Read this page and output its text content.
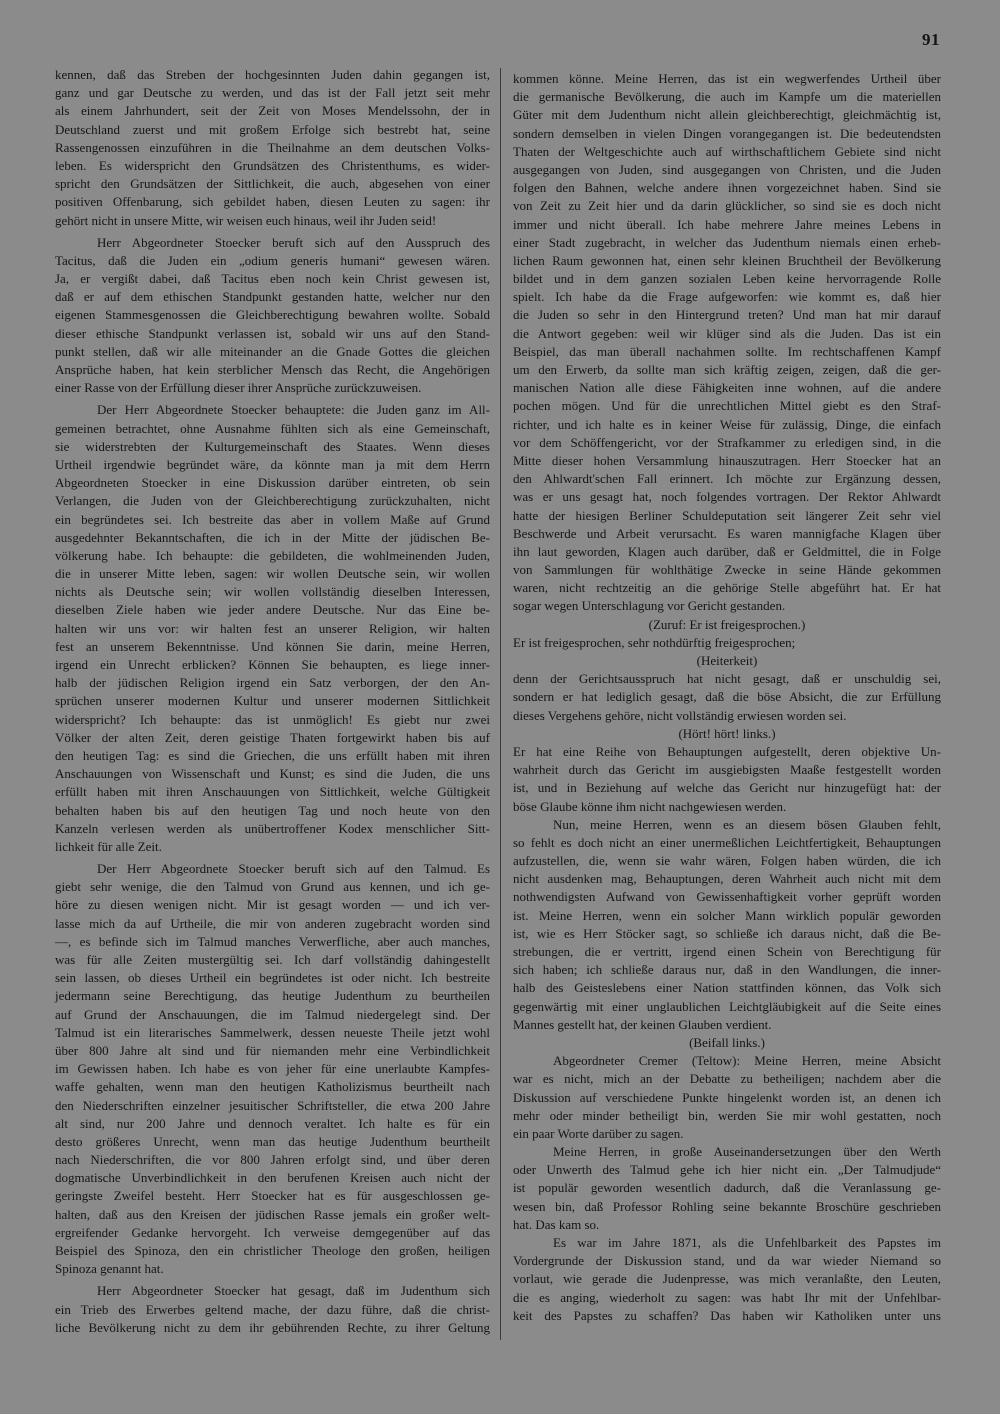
91
kennen, daß das Streben der hochgesinnten Juden dahin gegangen ist,
ganz und gar Deutsche zu werden, und das ist der Fall jetzt seit mehr
als einem Jahrhundert, seit der Zeit von Moses Mendelssohn, der in
Deutschland zuerst und mit großem Erfolge sich bestrebt hat, seine
Rassengenossen einzuführen in die Theilnahme an dem deutschen Volks-
leben. Es widerspricht den Grundsätzen des Christenthums, es wider-
spricht den Grundsätzen der Sittlichkeit, die auch, abgesehen von einer
positiven Offenbarung, sich gebildet haben, diesen Leuten zu sagen: ihr
gehört nicht in unsere Mitte, wir weisen euch hinaus, weil ihr Juden seid!
Herr Abgeordneter Stoecker beruft sich auf den Ausspruch des
Tacitus, daß die Juden ein „odium generis humani“ gewesen wären.
Ja, er vergißt dabei, daß Tacitus eben noch kein Christ gewesen ist,
daß er auf dem ethischen Standpunkt gestanden hatte, welcher nur den
eigenen Stammesgenossen die Gleichberechtigung bewahren wollte. Sobald
dieser ethische Standpunkt verlassen ist, sobald wir uns auf den Stand-
punkt stellen, daß wir alle miteinander an die Gnade Gottes die gleichen
Ansprüche haben, hat kein sterblicher Mensch das Recht, die Angehörigen
einer Rasse von der Erfüllung dieser ihrer Ansprüche zurückzuweisen.
Der Herr Abgeordnete Stoecker behauptete: die Juden ganz im All-
gemeinen betrachtet, ohne Ausnahme fühlten sich als eine Gemeinschaft,
sie widerstrebten der Kulturgemeinschaft des Staates. Wenn dieses
Urtheil irgendwie begründet wäre, da könnte man ja mit dem Herrn
Abgeordneten Stoecker in eine Diskussion darüber eintreten, ob sein
Verlangen, die Juden von der Gleichberechtigung zurückzuhalten, nicht
ein begründetes sei. Ich bestreite das aber in vollem Maße auf Grund
ausgedehnter Bekanntschaften, die ich in der Mitte der jüdischen Be-
völkerung habe. Ich behaupte: die gebildeten, die wohlmeinenden Juden,
die in unserer Mitte leben, sagen: wir wollen Deutsche sein, wir wollen
nichts als Deutsche sein; wir wollen vollständig dieselben Interessen,
dieselben Ziele haben wie jeder andere Deutsche. Nur das Eine be-
halten wir uns vor: wir halten fest an unserer Religion, wir halten
fest an unserem Bekenntnisse. Und können Sie darin, meine Herren,
irgend ein Unrecht erblicken? Können Sie behaupten, es liege inner-
halb der jüdischen Religion irgend ein Satz verborgen, der den An-
sprüchen unserer modernen Kultur und unserer modernen Sittlichkeit
widerspricht? Ich behaupte: das ist unmöglich! Es giebt nur zwei
Völker der alten Zeit, deren geistige Thaten fortgewirkt haben bis auf
den heutigen Tag: es sind die Griechen, die uns erfüllt haben mit ihren
Anschauungen von Wissenschaft und Kunst; es sind die Juden, die uns
erfüllt haben mit ihren Anschauungen von Sittlichkeit, welche Gültigkeit
behalten haben bis auf den heutigen Tag und noch heute von den
Kanzeln verlesen werden als unübertroffener Kodex menschlicher Sitt-
lichkeit für alle Zeit.
Der Herr Abgeordnete Stoecker beruft sich auf den Talmud. Es
giebt sehr wenige, die den Talmud von Grund aus kennen, und ich ge-
höre zu diesen wenigen nicht. Mir ist gesagt worden — und ich ver-
lasse mich da auf Urtheile, die mir von anderen zugebracht worden sind
—, es befinde sich im Talmud manches Verwerfliche, aber auch manches,
was für alle Zeiten mustergültig sei. Ich darf vollständig dahingestellt
sein lassen, ob dieses Urtheil ein begründetes ist oder nicht. Ich bestreite
jedermann seine Berechtigung, das heutige Judenthum zu beurtheilen
auf Grund der Anschauungen, die im Talmud niedergelegt sind. Der
Talmud ist ein literarisches Sammelwerk, dessen neueste Theile jetzt wohl
über 800 Jahre alt sind und für niemanden mehr eine Verbindlichkeit
im Gewissen haben. Ich habe es von jeher für eine unerlaubte Kampfes-
waffe gehalten, wenn man den heutigen Katholizismus beurtheilt nach
den Niederschriften einzelner jesuitischer Schriftsteller, die etwa 200 Jahre
alt sind, nur 200 Jahre und dennoch veraltet. Ich halte es für ein
desto größeres Unrecht, wenn man das heutige Judenthum beurtheilt
nach Niederschriften, die vor 800 Jahren erfolgt sind, und über deren
dogmatische Unverbindlichkeit in den berufenen Kreisen auch nicht der
geringste Zweifel besteht. Herr Stoecker hat es für ausgeschlossen ge-
halten, daß aus den Kreisen der jüdischen Rasse jemals ein großer welt-
ergreifender Gedanke hervorgeht. Ich verweise demgegenüber auf das
Beispiel des Spinoza, den ein christlicher Theologe den großen, heiligen
Spinoza genannt hat.
Herr Abgeordneter Stoecker hat gesagt, daß im Judenthum sich
ein Trieb des Erwerbes geltend mache, der dazu führe, daß die christ-
liche Bevölkerung nicht zu dem ihr gebührenden Rechte, zu ihrer Geltung
kommen könne. Meine Herren, das ist ein wegwerfendes Urtheil über
die germanische Bevölkerung, die auch im Kampfe um die materiellen
Güter mit dem Judenthum nicht allein gleichberechtigt, gleichmächtig ist,
sondern demselben in vielen Dingen vorangegangen ist. Die bedeutendsten
Thaten der Weltgeschichte auch auf wirthschaftlichem Gebiete sind nicht
ausgegangen von Juden, sind ausgegangen von Christen, und die Juden
folgen den Bahnen, welche andere ihnen vorgezeichnet haben. Sind sie
von Zeit zu Zeit hier und da darin glücklicher, so sind sie es doch nicht
immer und nicht überall. Ich habe mehrere Jahre meines Lebens in
einer Stadt zugebracht, in welcher das Judenthum niemals einen erheb-
lichen Raum gewonnen hat, einen sehr kleinen Bruchtheil der Bevölkerung
bildet und in dem ganzen sozialen Leben keine hervorragende Rolle
spielt. Ich habe da die Frage aufgeworfen: wie kommt es, daß hier
die Juden so sehr in den Hintergrund treten? Und man hat mir darauf
die Antwort gegeben: weil wir klüger sind als die Juden. Das ist ein
Beispiel, das man überall nachahmen sollte. Im rechtschaffenen Kampf
um den Erwerb, da sollte man sich kräftig zeigen, zeigen, daß die ger-
manischen Nation alle diese Fähigkeiten inne wohnen, auf die andere
pochen mögen. Und für die unrechtlichen Mittel giebt es den Straf-
richter, und ich halte es in keiner Weise für zulässig, Dinge, die einfach
vor dem Schöffengericht, vor der Strafkammer zu erledigen sind, in die
Mitte dieser hohen Versammlung hinauszutragen. Herr Stoecker hat an
den Ahlwardt'schen Fall erinnert. Ich möchte zur Ergänzung dessen,
was er uns gesagt hat, noch folgendes vortragen. Der Rektor Ahlwardt
hatte der hiesigen Berliner Schuldeputation seit längerer Zeit sehr viel
Beschwerde und Arbeit verursacht. Es waren mannigfache Klagen über
ihn laut geworden, Klagen auch darüber, daß er Geldmittel, die in Folge
von Sammlungen für wohlthätige Zwecke in seine Hände gekommen
waren, nicht rechtzeitig an die gehörige Stelle abgeführt hat. Er hat
sogar wegen Unterschlagung vor Gericht gestanden.
(Zuruf: Er ist freigesprochen.)
Er ist freigesprochen, sehr nothdürftig freigesprochen;
(Heiterkeit)
denn der Gerichtsausspruch hat nicht gesagt, daß er unschuldig sei,
sondern er hat lediglich gesagt, daß die böse Absicht, die zur Erfüllung
dieses Vergehens gehöre, nicht vollständig erwiesen worden sei.
(Hört! hört! links.)
Er hat eine Reihe von Behauptungen aufgestellt, deren objektive Un-
wahrheit durch das Gericht im ausgiebigsten Maaße festgestellt worden
ist, und in Beziehung auf welche das Gericht nur hinzugefügt hat: der
böse Glaube könne ihm nicht nachgewiesen werden.
Nun, meine Herren, wenn es an diesem bösen Glauben fehlt,
so fehlt es doch nicht an einer unermeßlichen Leichtfertigkeit, Behauptungen
aufzustellen, die, wenn sie wahr wären, Folgen haben würden, die ich
nicht ausdenken mag, Behauptungen, deren Wahrheit auch nicht mit dem
nothwendigsten Aufwand von Gewissenhaftigkeit vorher geprüft worden
ist. Meine Herren, wenn ein solcher Mann wirklich populär geworden
ist, wie es Herr Stöcker sagt, so schließe ich daraus nicht, daß die Be-
strebungen, die er vertritt, irgend einen Schein von Berechtigung für
sich haben; ich schließe daraus nur, daß in den Wandlungen, die inner-
halb des Geisteslebens einer Nation stattfinden können, das Volk sich
gegenwärtig mit einer unglaublichen Leichtgläubigkeit auf die Seite eines
Mannes gestellt hat, der keinen Glauben verdient.
(Beifall links.)
Abgeordneter Cremer (Teltow): Meine Herren, meine Absicht
war es nicht, mich an der Debatte zu betheiligen; nachdem aber die
Diskussion auf verschiedene Punkte hingelenkt worden ist, an denen ich
mehr oder minder betheiligt bin, werden Sie mir wohl gestatten, noch
ein paar Worte darüber zu sagen.
Meine Herren, in große Auseinandersetzungen über den Werth
oder Unwerth des Talmud gehe ich hier nicht ein. „Der Talmudjude“
ist populär geworden wesentlich dadurch, daß die Veranlassung ge-
wesen bin, daß Professor Rohling seine bekannte Broschüre geschrieben
hat. Das kam so.
Es war im Jahre 1871, als die Unfehlbarkeit des Papstes im
Vordergrunde der Diskussion stand, und da war wieder Niemand so
vorlaut, wie gerade die Judenpresse, was mich veranlaßte, den Leuten,
die es anging, wiederholt zu sagen: was habt Ihr mit der Unfehlbar-
keit des Papstes zu schaffen? Das haben wir Katholiken unter uns
